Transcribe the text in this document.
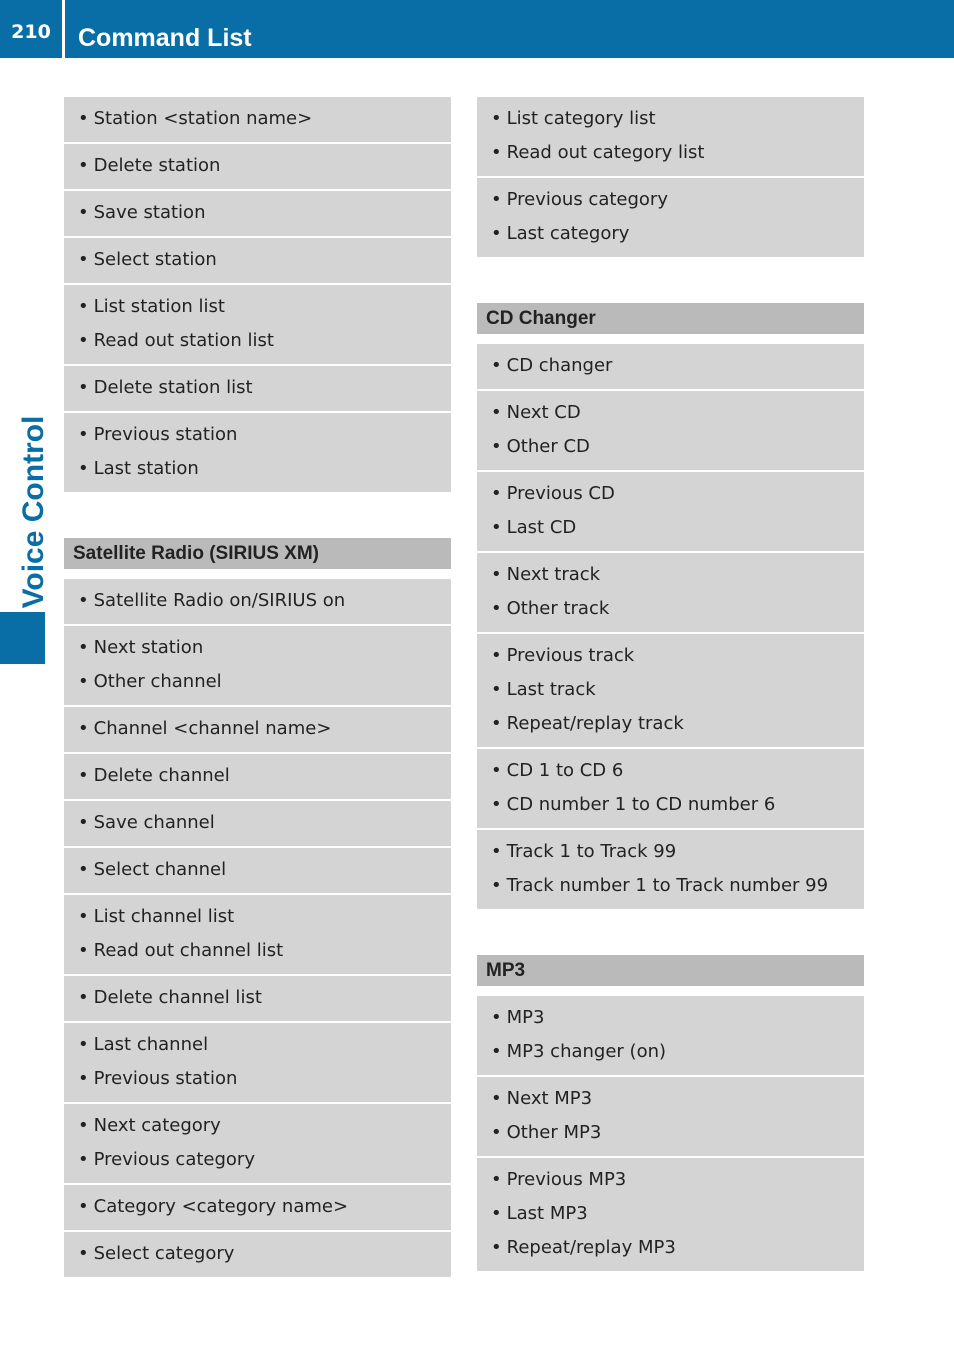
210	Command List
Voice Control
• Station <station name>
• Delete station
• Save station
• Select station
• List station list
• Read out station list
• Delete station list
• Previous station
• Last station
Satellite Radio (SIRIUS XM)
• Satellite Radio on/SIRIUS on
• Next station
• Other channel
• Channel <channel name>
• Delete channel
• Save channel
• Select channel
• List channel list
• Read out channel list
• Delete channel list
• Last channel
• Previous station
• Next category
• Previous category
• Category <category name>
• Select category
• List category list
• Read out category list
• Previous category
• Last category
CD Changer
• CD changer
• Next CD
• Other CD
• Previous CD
• Last CD
• Next track
• Other track
• Previous track
• Last track
• Repeat/replay track
• CD 1 to CD 6
• CD number 1 to CD number 6
• Track 1 to Track 99
• Track number 1 to Track number 99
MP3
• MP3
• MP3 changer (on)
• Next MP3
• Other MP3
• Previous MP3
• Last MP3
• Repeat/replay MP3
